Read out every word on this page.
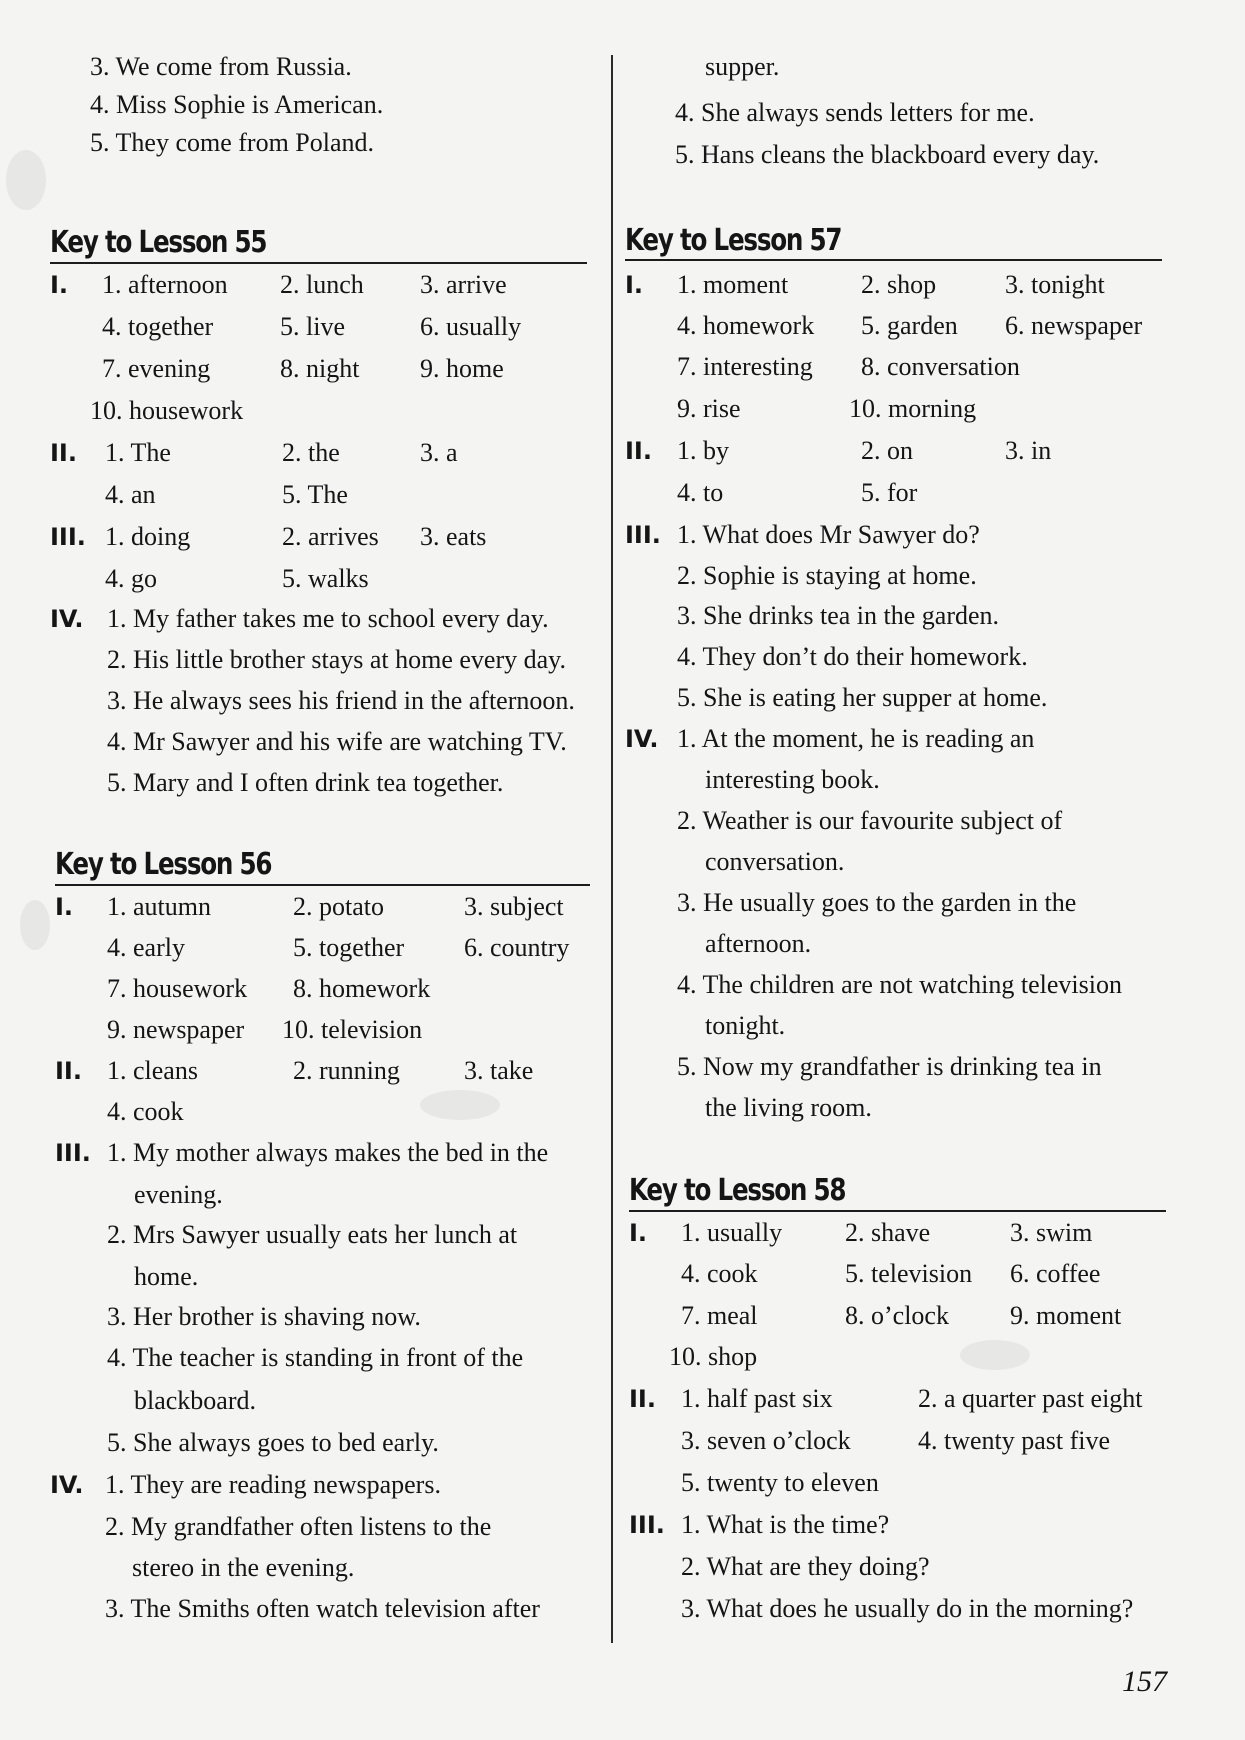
3. We come from Russia.
4. Miss Sophie is American.
5. They come from Poland.
Key to Lesson 55
I. 1. afternoon 2. lunch 3. arrive
4. together	5. live	6. usually
7. evening	8. night 9. home
10. housework
II. 1. The	2. the	3. a
4. an	5. The
III. 1. doing	2. arrives 3. eats
4. go	5. walks
IV. 1. My father takes me to school every day.
2. His little brother stays at home every day.
3. He always sees his friend in the afternoon.
4. Mr Sawyer and his wife are watching TV.
5. Mary and I often drink tea together.
Key to Lesson 56
I. 1. autumn	2. potato	3. subject
4. early	5. together 6. country
7. housework 8. homework
9. newspaper 10. television
II. 1. cleans	2. running 3. take
4. cook
III. 1. My mother always makes the bed in the
evening.
2. Mrs Sawyer usually eats her lunch at
home.
3. Her brother is shaving now.
4. The teacher is standing in front of the
blackboard.
5. She always goes to bed early.
IV. 1. They are reading newspapers.
2. My grandfather often listens to the
stereo in the evening.
3. The Smiths often watch television after
supper.
4. She always sends letters for me.
5. Hans cleans the blackboard every day.
Key to Lesson 57
I. 1. moment	2. shop	3. tonight
4. homework 5. garden 6. newspaper
7. interesting 8. conversation
9. rise	10. morning
II. 1. by	2. on	3. in
4. to	5. for
III. 1. What does Mr Sawyer do?
2. Sophie is staying at home.
3. She drinks tea in the garden.
4. They don’t do their homework.
5. She is eating her supper at home.
IV. 1. At the moment, he is reading an
interesting book.
2. Weather is our favourite subject of
conversation.
3. He usually goes to the garden in the
afternoon.
4. The children are not watching television
tonight.
5. Now my grandfather is drinking tea in
the living room.
Key to Lesson 58
I. 1. usually 2. shave	3. swim
4. cook	5. television 6. coffee
7. meal	8. o’clock 9. moment
10. shop
II. 1. half past six	2. a quarter past eight
3. seven o’clock	4. twenty past five
5. twenty to eleven
III. 1. What is the time?
2. What are they doing?
3. What does he usually do in the morning?
157
